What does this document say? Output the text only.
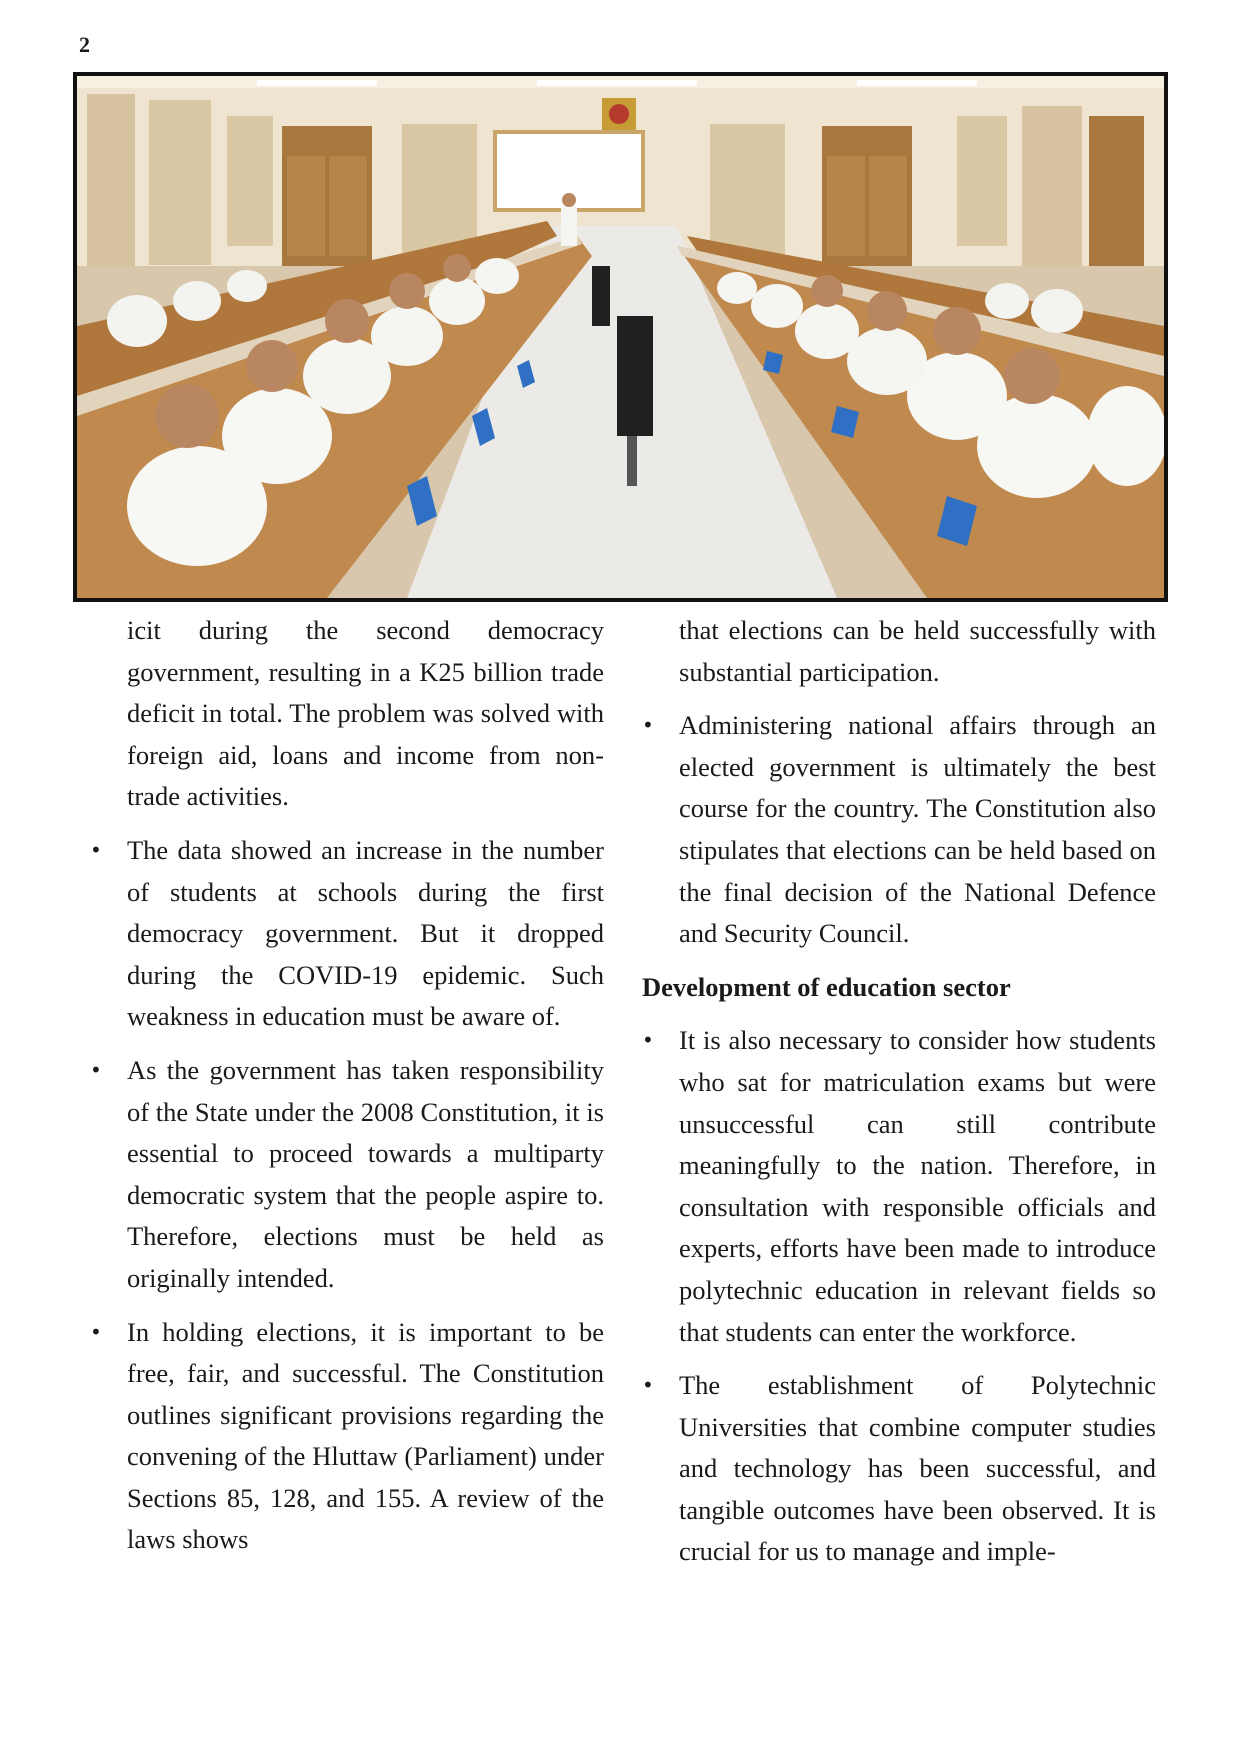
2

icit during the second democracy government, resulting in a K25 billion trade deficit in total. The problem was solved with foreign aid, loans and income from non-trade activities.

• The data showed an increase in the number of students at schools during the first democracy government. But it dropped during the COVID-19 epidemic. Such weakness in education must be aware of.

• As the government has taken responsibility of the State under the 2008 Constitution, it is essential to proceed towards a multiparty democratic system that the people aspire to. Therefore, elections must be held as originally intended.

• In holding elections, it is important to be free, fair, and successful. The Constitution outlines significant provisions regarding the convening of the Hluttaw (Parliament) under Sections 85, 128, and 155. A review of the laws shows

that elections can be held successfully with substantial participation.

• Administering national affairs through an elected government is ultimately the best course for the country. The Constitution also stipulates that elections can be held based on the final decision of the National Defence and Security Council.

Development of education sector
• It is also necessary to consider how students who sat for matriculation exams but were unsuccessful can still contribute meaningfully to the nation. Therefore, in consultation with responsible officials and experts, efforts have been made to introduce polytechnic education in relevant fields so that students can enter the workforce.

• The establishment of Polytechnic Universities that combine computer studies and technology has been successful, and tangible outcomes have been observed. It is crucial for us to manage and imple-
